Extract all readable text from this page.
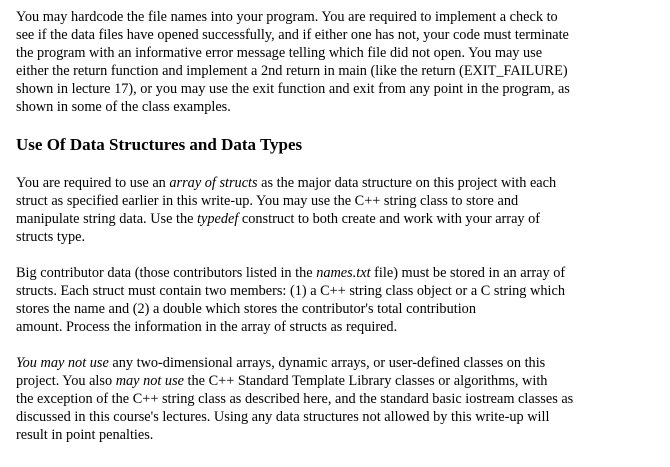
You may hardcode the file names into your program. You are required to implement a check to
see if the data files have opened successfully, and if either one has not, your code must terminate
the program with an informative error message telling which file did not open. You may use
either the return function and implement a 2nd return in main (like the return (EXIT_FAILURE)
shown in lecture 17), or you may use the exit function and exit from any point in the program, as
shown in some of the class examples.

Use Of Data Structures and Data Types

You are required to use an array of structs as the major data structure on this project with each
struct as specified earlier in this write-up. You may use the C++ string class to store and
manipulate string data. Use the typedef construct to both create and work with your array of
structs type.

Big contributor data (those contributors listed in the names.txt file) must be stored in an array of
structs. Each struct must contain two members: (1) a C++ string class object or a C string which
stores the name and (2) a double which stores the contributor's total contribution
amount. Process the information in the array of structs as required.

You may not use any two-dimensional arrays, dynamic arrays, or user-defined classes on this
project. You also may not use the C++ Standard Template Library classes or algorithms, with
the exception of the C++ string class as described here, and the standard basic iostream classes as
discussed in this course's lectures. Using any data structures not allowed by this write-up will
result in point penalties.
